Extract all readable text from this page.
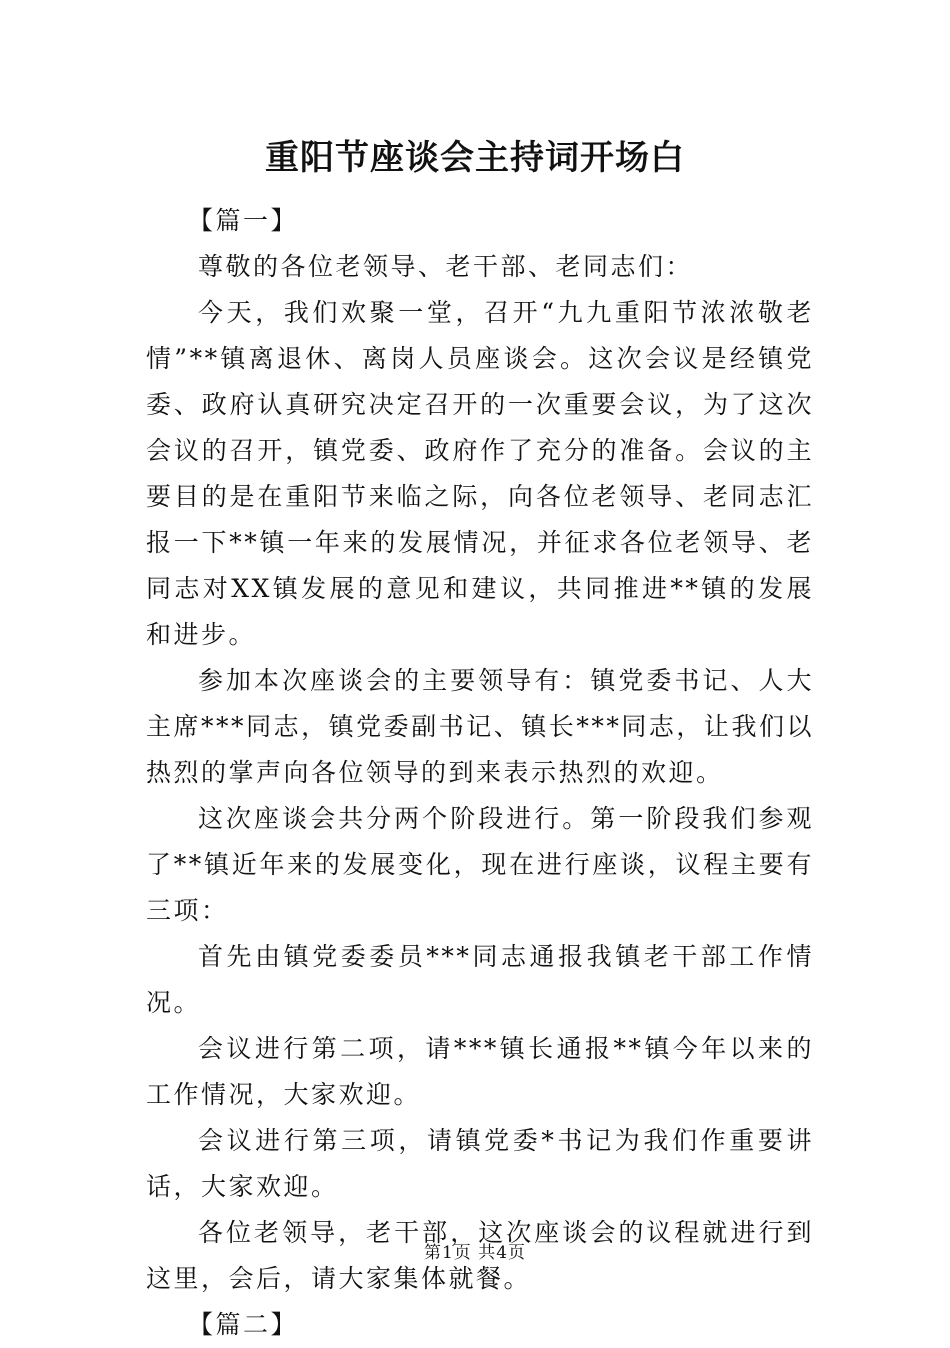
重阳节座谈会主持词开场白

【篇一】

尊敬的各位老领导、老干部、老同志们：

今天，我们欢聚一堂，召开“九九重阳节浓浓敬老情”**镇离退休、离岗人员座谈会。这次会议是经镇党委、政府认真研究决定召开的一次重要会议，为了这次会议的召开，镇党委、政府作了充分的准备。会议的主要目的是在重阳节来临之际，向各位老领导、老同志汇报一下**镇一年来的发展情况，并征求各位老领导、老同志对XX镇发展的意见和建议，共同推进**镇的发展和进步。

参加本次座谈会的主要领导有：镇党委书记、人大主席***同志，镇党委副书记、镇长***同志，让我们以热烈的掌声向各位领导的到来表示热烈的欢迎。

这次座谈会共分两个阶段进行。第一阶段我们参观了**镇近年来的发展变化，现在进行座谈，议程主要有三项：

首先由镇党委委员***同志通报我镇老干部工作情况。

会议进行第二项，请***镇长通报**镇今年以来的工作情况，大家欢迎。

会议进行第三项，请镇党委*书记为我们作重要讲话，大家欢迎。

各位老领导，老干部，这次座谈会的议程就进行到这里，会后，请大家集体就餐。

【篇二】

第1页 共4页
